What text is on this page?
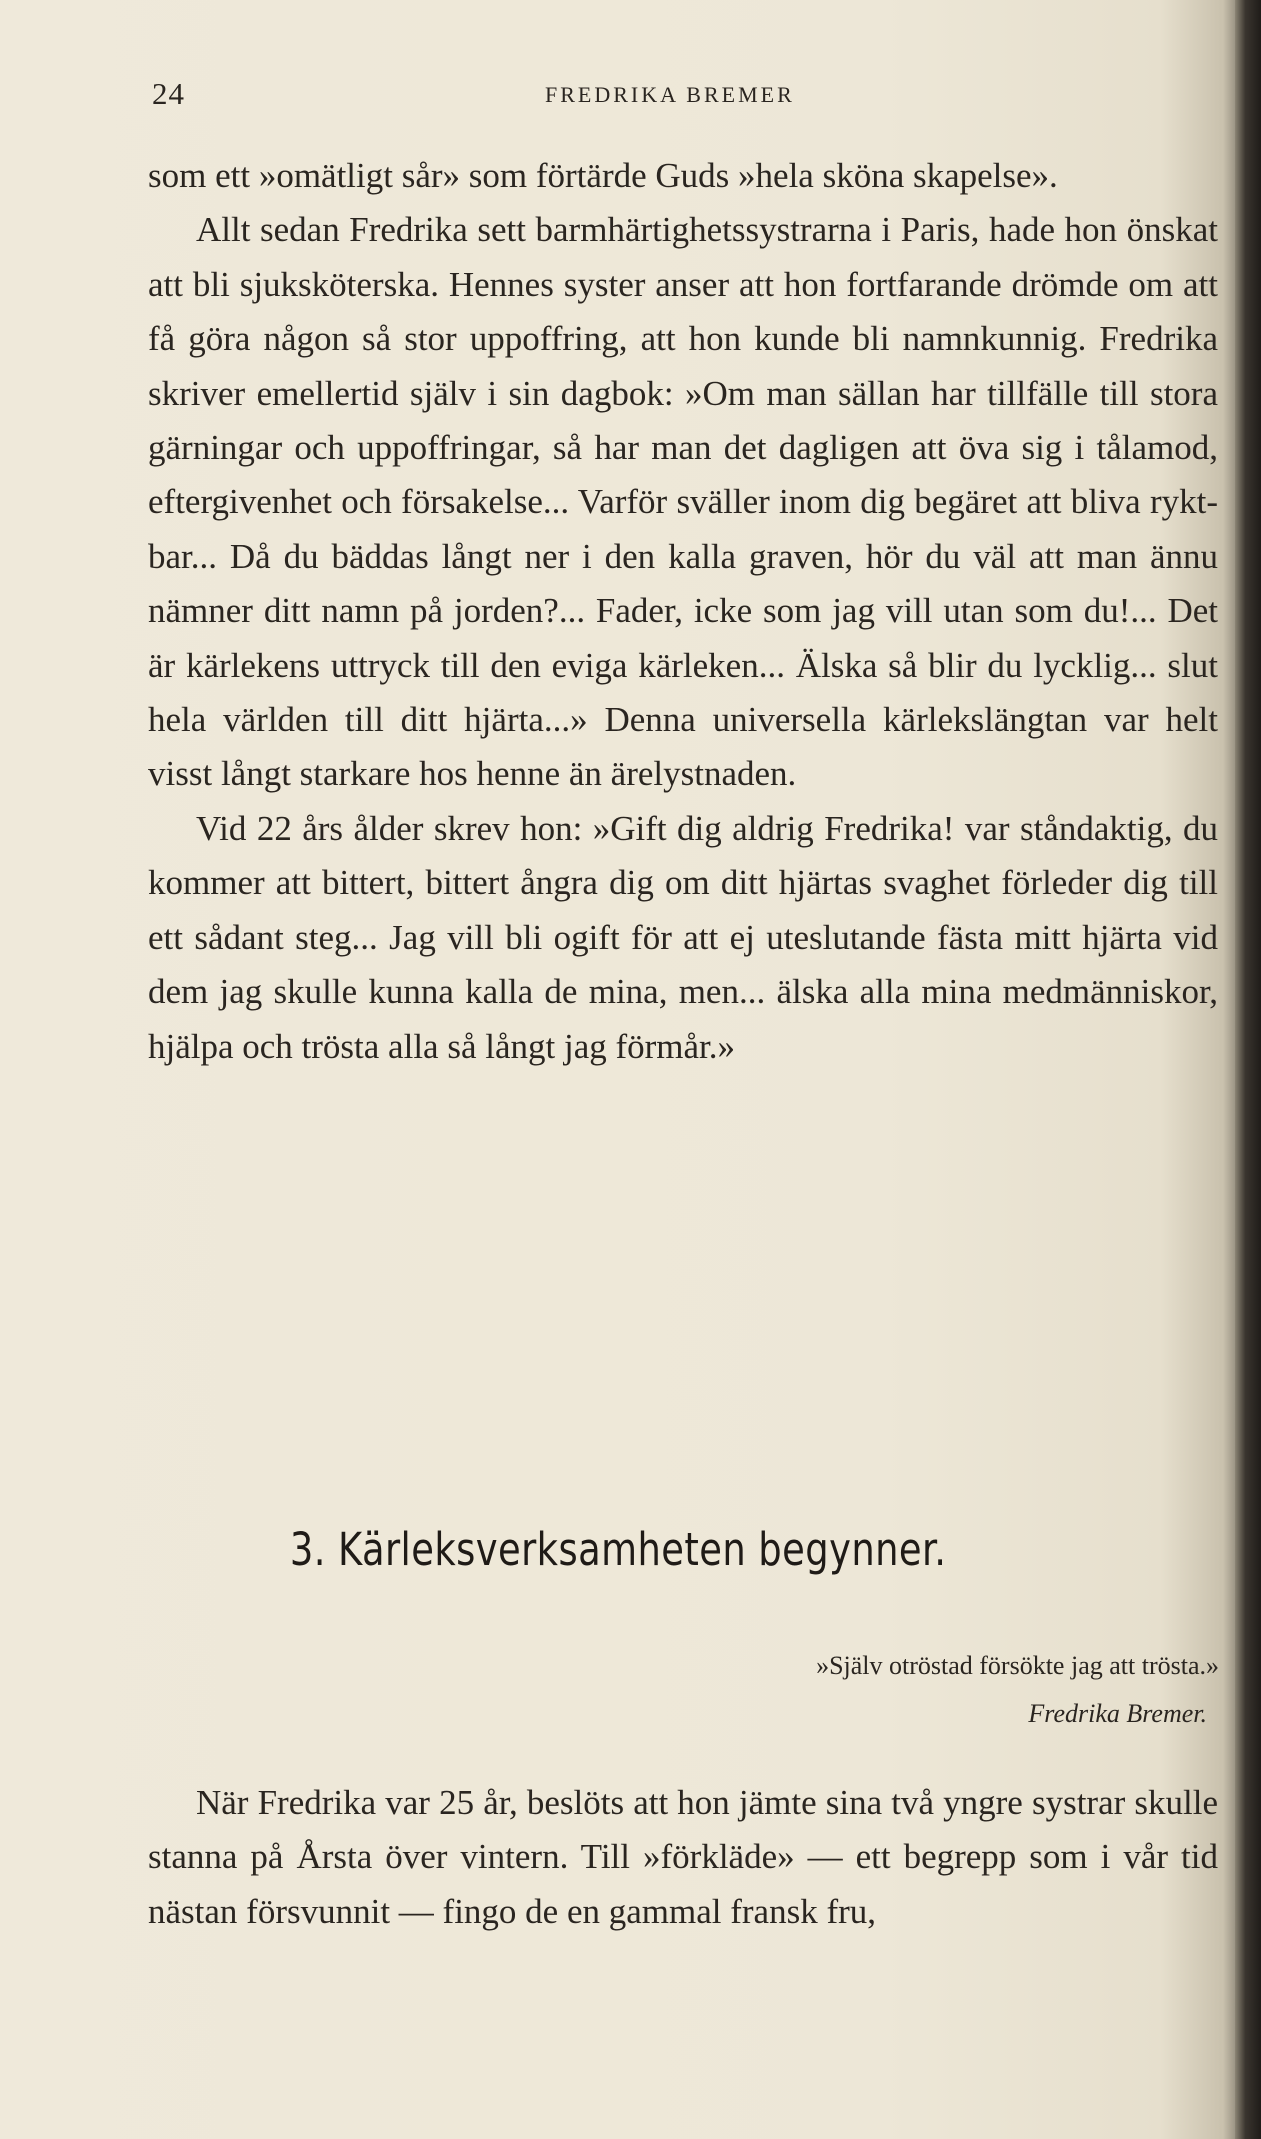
24	FREDRIKA BREMER

som ett »omätligt sår» som förtärde Guds »hela sköna skapelse».

Allt sedan Fredrika sett barmhärtighetssystrarna i Paris, hade hon önskat att bli sjuksköterska. Hennes syster anser att hon fortfarande drömde om att få göra någon så stor uppoffring, att hon kunde bli namnkunnig. Fredrika skriver emellertid själv i sin dagbok: »Om man sällan har tillfälle till stora gärningar och uppoffringar, så har man det dagligen att öva sig i tålamod, eftergivenhet och försakelse... Varför sväller inom dig begäret att bliva ryktbar... Då du bäddas långt ner i den kalla graven, hör du väl att man ännu nämner ditt namn på jorden?... Fader, icke som jag vill utan som du!... Det är kärlekens uttryck till den eviga kärleken... Älska så blir du lycklig... slut hela världen till ditt hjärta...» Denna universella kärlekslängtan var helt visst långt starkare hos henne än ärelystnaden.

Vid 22 års ålder skrev hon: »Gift dig aldrig Fredrika! var ståndaktig, du kommer att bittert, bittert ångra dig om ditt hjärtas svaghet förleder dig till ett sådant steg... Jag vill bli ogift för att ej uteslutande fästa mitt hjärta vid dem jag skulle kunna kalla de mina, men... älska alla mina medmänniskor, hjälpa och trösta alla så långt jag förmår.»

3. Kärleksverksamheten begynner.
»Själv otröstad försökte jag att trösta.»
Fredrika Bremer.

När Fredrika var 25 år, beslöts att hon jämte sina två yngre systrar skulle stanna på Årsta över vintern. Till »förkläde» — ett begrepp som i vår tid nästan försvunnit — fingo de en gammal fransk fru,
